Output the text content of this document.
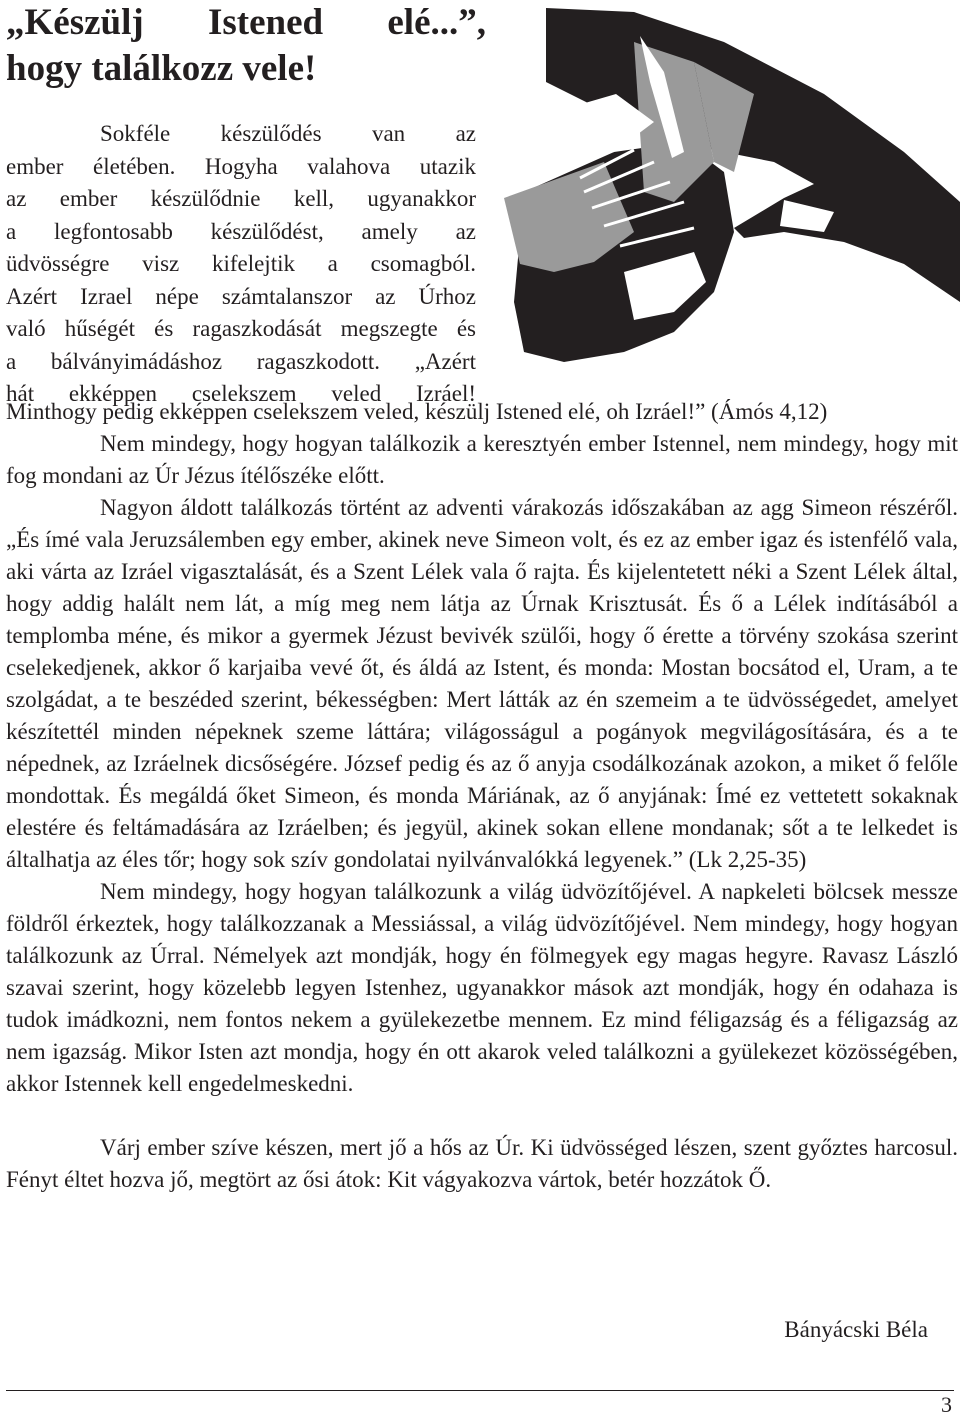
„Készülj Istened elé...”,
hogy találkozz vele!
Sokféle készülődés van az
ember életében. Hogyha valahova utazik
az ember készülődnie kell, ugyanakkor
a legfontosabb készülődést, amely az
üdvösségre visz kifelejtik a csomagból.
Azért Izrael népe számtalanszor az Úrhoz
való hűségét és ragaszkodását megszegte és
a bálványimádáshoz ragaszkodott. „Azért
hát ekképpen cselekszem veled Izráel!

Minthogy pedig ekképpen cselekszem veled, készülj Istened elé, oh Izráel!” (Ámós 4,12)

Nem mindegy, hogy hogyan találkozik a keresztyén ember Istennel, nem mindegy, hogy mit fog mondani az Úr Jézus ítélőszéke előtt.

Nagyon áldott találkozás történt az adventi várakozás időszakában az agg Simeon részéről. „És ímé vala Jeruzsálemben egy ember, akinek neve Simeon volt, és ez az ember igaz és istenfélő vala, aki várta az Izráel vigasztalását, és a Szent Lélek vala ő rajta. És kijelentetett néki a Szent Lélek által, hogy addig halált nem lát, a míg meg nem látja az Úrnak Krisztusát. És ő a Lélek indításából a templomba méne, és mikor a gyermek Jézust bevivék szülői, hogy ő érette a törvény szokása szerint cselekedjenek, akkor ő karjaiba vevé őt, és áldá az Istent, és monda: Mostan bocsátod el, Uram, a te szolgádat, a te beszéded szerint, békességben: Mert látták az én szemeim a te üdvösségedet, amelyet készítettél minden népeknek szeme láttára; világosságul a pogányok megvilágosítására, és a te népednek, az Izráelnek dicsőségére. József pedig és az ő anyja csodálkozának azokon, a miket ő felőle mondottak. És megáldá őket Simeon, és monda Máriának, az ő anyjának: Ímé ez vettetett sokaknak elestére és feltámadására az Izráelben; és jegyül, akinek sokan ellene mondanak; sőt a te lelkedet is általhatja az éles tőr; hogy sok szív gondolatai nyilvánvalókká legyenek.” (Lk 2,25-35)

Nem mindegy, hogy hogyan találkozunk a világ üdvözítőjével. A napkeleti bölcsek messze földről érkeztek, hogy találkozzanak a Messiással, a világ üdvözítőjével. Nem mindegy, hogy hogyan találkozunk az Úrral. Némelyek azt mondják, hogy én fölmegyek egy magas hegyre. Ravasz László szavai szerint, hogy közelebb legyen Istenhez, ugyanakkor mások azt mondják, hogy én odahaza is tudok imádkozni, nem fontos nekem a gyülekezetbe mennem. Ez mind féligazság és a féligazság az nem igazság. Mikor Isten azt mondja, hogy én ott akarok veled találkozni a gyülekezet közösségében, akkor Istennek kell engedelmeskedni.

Várj ember szíve készen, mert jő a hős az Úr. Ki üdvösséged lészen, szent győztes harcosul. Fényt éltet hozva jő, megtört az ősi átok: Kit vágyakozva vártok, betér hozzátok Ő.

Bányácski Béla
3
